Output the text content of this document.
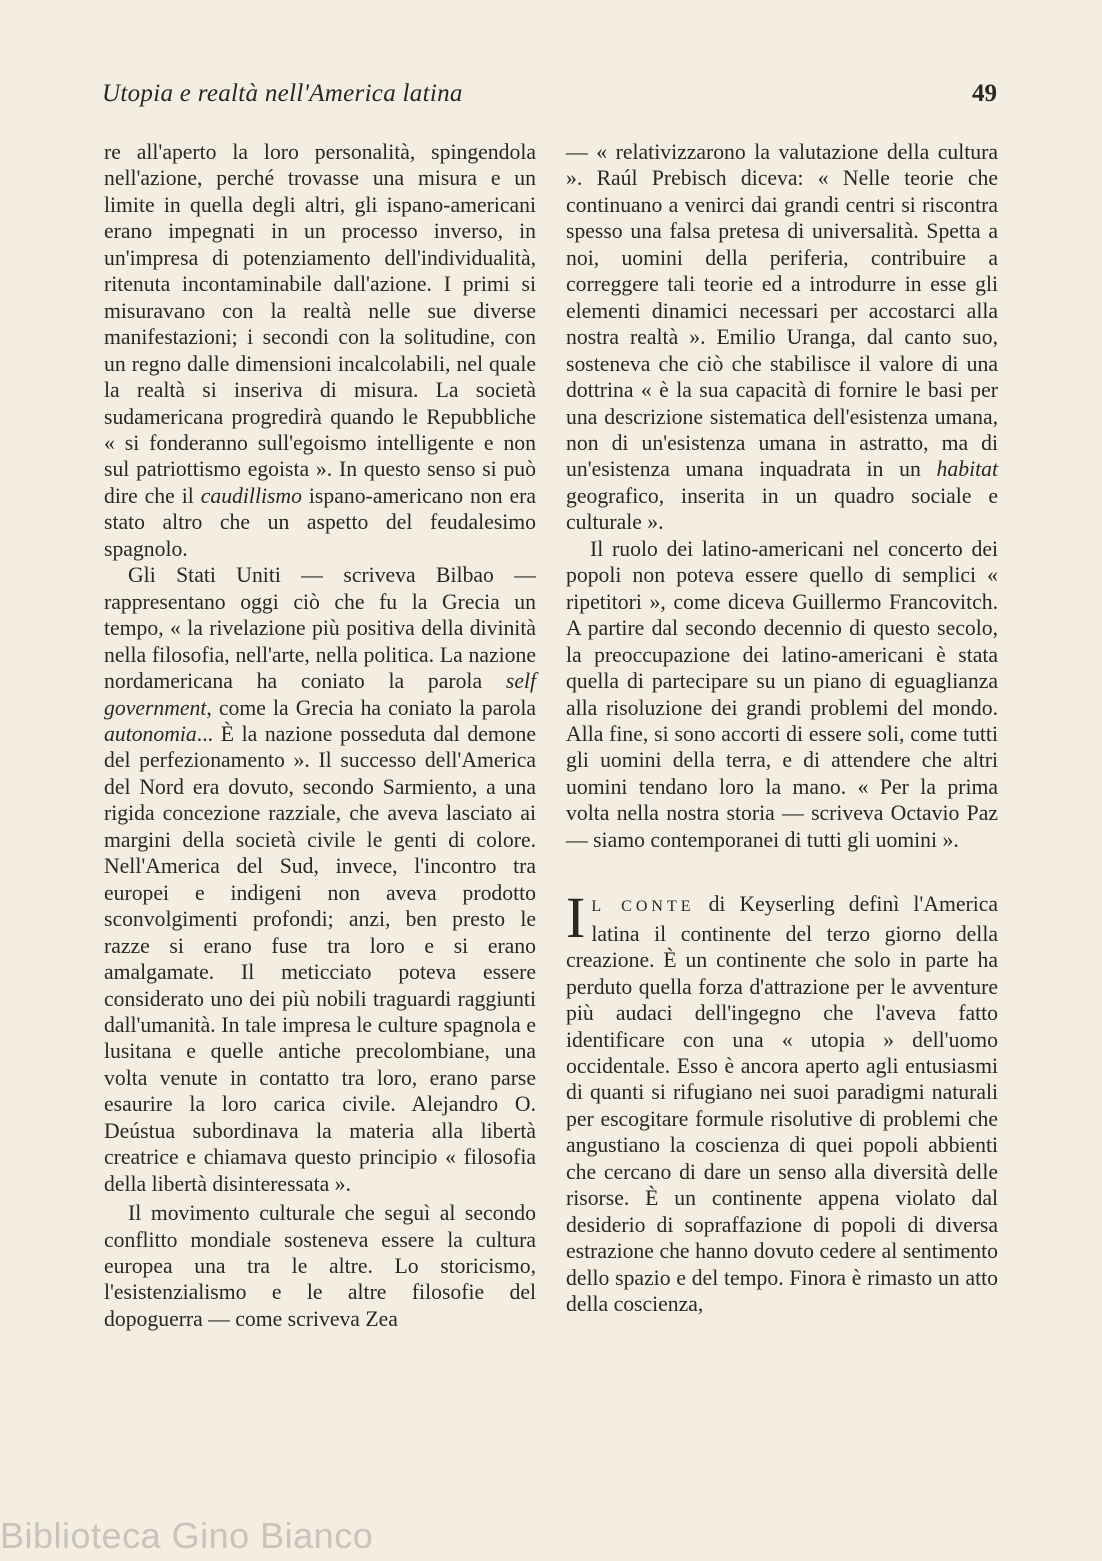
Utopia e realtà nell'America latina	49

re all'aperto la loro personalità, spingendola nell'azione, perché trovasse una misura e un limite in quella degli altri, gli ispano-americani erano impegnati in un processo inverso, in un'impresa di potenziamento dell'individualità, ritenuta incontaminabile dall'azione. I primi si misuravano con la realtà nelle sue diverse manifestazioni; i secondi con la solitudine, con un regno dalle dimensioni incalcolabili, nel quale la realtà si inseriva di misura. La società sudamericana progredirà quando le Repubbliche « si fonderanno sull'egoismo intelligente e non sul patriottismo egoista ». In questo senso si può dire che il caudillismo ispano-americano non era stato altro che un aspetto del feudalesimo spagnolo.

Gli Stati Uniti — scriveva Bilbao — rappresentano oggi ciò che fu la Grecia un tempo, « la rivelazione più positiva della divinità nella filosofia, nell'arte, nella politica. La nazione nordamericana ha coniato la parola self government, come la Grecia ha coniato la parola autonomia... È la nazione posseduta dal demone del perfezionamento ». Il successo dell'America del Nord era dovuto, secondo Sarmiento, a una rigida concezione razziale, che aveva lasciato ai margini della società civile le genti di colore. Nell'America del Sud, invece, l'incontro tra europei e indigeni non aveva prodotto sconvolgimenti profondi; anzi, ben presto le razze si erano fuse tra loro e si erano amalgamate. Il meticciato poteva essere considerato uno dei più nobili traguardi raggiunti dall'umanità. In tale impresa le culture spagnola e lusitana e quelle antiche precolombiane, una volta venute in contatto tra loro, erano parse esaurire la loro carica civile. Alejandro O. Deústua subordinava la materia alla libertà creatrice e chiamava questo principio « filosofia della libertà disinteressata ».

Il movimento culturale che seguì al secondo conflitto mondiale sosteneva essere la cultura europea una tra le altre. Lo storicismo, l'esistenzialismo e le altre filosofie del dopoguerra — come scriveva Zea

— « relativizzarono la valutazione della cultura ». Raúl Prebisch diceva: « Nelle teorie che continuano a venirci dai grandi centri si riscontra spesso una falsa pretesa di universalità. Spetta a noi, uomini della periferia, contribuire a correggere tali teorie ed a introdurre in esse gli elementi dinamici necessari per accostarci alla nostra realtà ». Emilio Uranga, dal canto suo, sosteneva che ciò che stabilisce il valore di una dottrina « è la sua capacità di fornire le basi per una descrizione sistematica dell'esistenza umana, non di un'esistenza umana in astratto, ma di un'esistenza umana inquadrata in un habitat geografico, inserita in un quadro sociale e culturale ».

Il ruolo dei latino-americani nel concerto dei popoli non poteva essere quello di semplici « ripetitori », come diceva Guillermo Francovitch. A partire dal secondo decennio di questo secolo, la preoccupazione dei latino-americani è stata quella di partecipare su un piano di eguaglianza alla risoluzione dei grandi problemi del mondo. Alla fine, si sono accorti di essere soli, come tutti gli uomini della terra, e di attendere che altri uomini tendano loro la mano. « Per la prima volta nella nostra storia — scriveva Octavio Paz — siamo contemporanei di tutti gli uomini ».

IL CONTE di Keyserling definì l'America latina il continente del terzo giorno della creazione. È un continente che solo in parte ha perduto quella forza d'attrazione per le avventure più audaci dell'ingegno che l'aveva fatto identificare con una « utopia » dell'uomo occidentale. Esso è ancora aperto agli entusiasmi di quanti si rifugiano nei suoi paradigmi naturali per escogitare formule risolutive di problemi che angustiano la coscienza di quei popoli abbienti che cercano di dare un senso alla diversità delle risorse. È un continente appena violato dal desiderio di sopraffazione di popoli di diversa estrazione che hanno dovuto cedere al sentimento dello spazio e del tempo. Finora è rimasto un atto della coscienza,

Biblioteca Gino Bianco
